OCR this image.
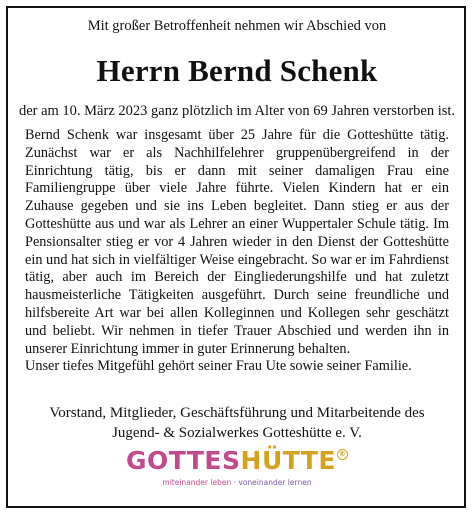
Mit großer Betroffenheit nehmen wir Abschied von
Herrn Bernd Schenk
der am 10. März 2023 ganz plötzlich im Alter von 69 Jahren verstorben ist.

Bernd Schenk war insgesamt über 25 Jahre für die Gotteshütte tätig. Zunächst war er als Nachhilfelehrer gruppenübergreifend in der Einrichtung tätig, bis er dann mit seiner damaligen Frau eine Familiengruppe über viele Jahre führte. Vielen Kindern hat er ein Zuhause gegeben und sie ins Leben begleitet. Dann stieg er aus der Gotteshütte aus und war als Lehrer an einer Wuppertaler Schule tätig. Im Pensionsalter stieg er vor 4 Jahren wieder in den Dienst der Gotteshütte ein und hat sich in vielfältiger Weise eingebracht. So war er im Fahrdienst tätig, aber auch im Bereich der Eingliederungshilfe und hat zuletzt hausmeisterliche Tätigkeiten ausgeführt. Durch seine freundliche und hilfsbereite Art war bei allen Kolleginnen und Kollegen sehr geschätzt und beliebt. Wir nehmen in tiefer Trauer Abschied und werden ihn in unserer Einrichtung immer in guter Erinnerung behalten.

Unser tiefes Mitgefühl gehört seiner Frau Ute sowie seiner Familie.

Vorstand, Mitglieder, Geschäftsführung und Mitarbeitende des
Jugend- & Sozialwerkes Gotteshütte e. V.
GOTTESHÜTTE ®
miteinander leben · voneinander lernen
